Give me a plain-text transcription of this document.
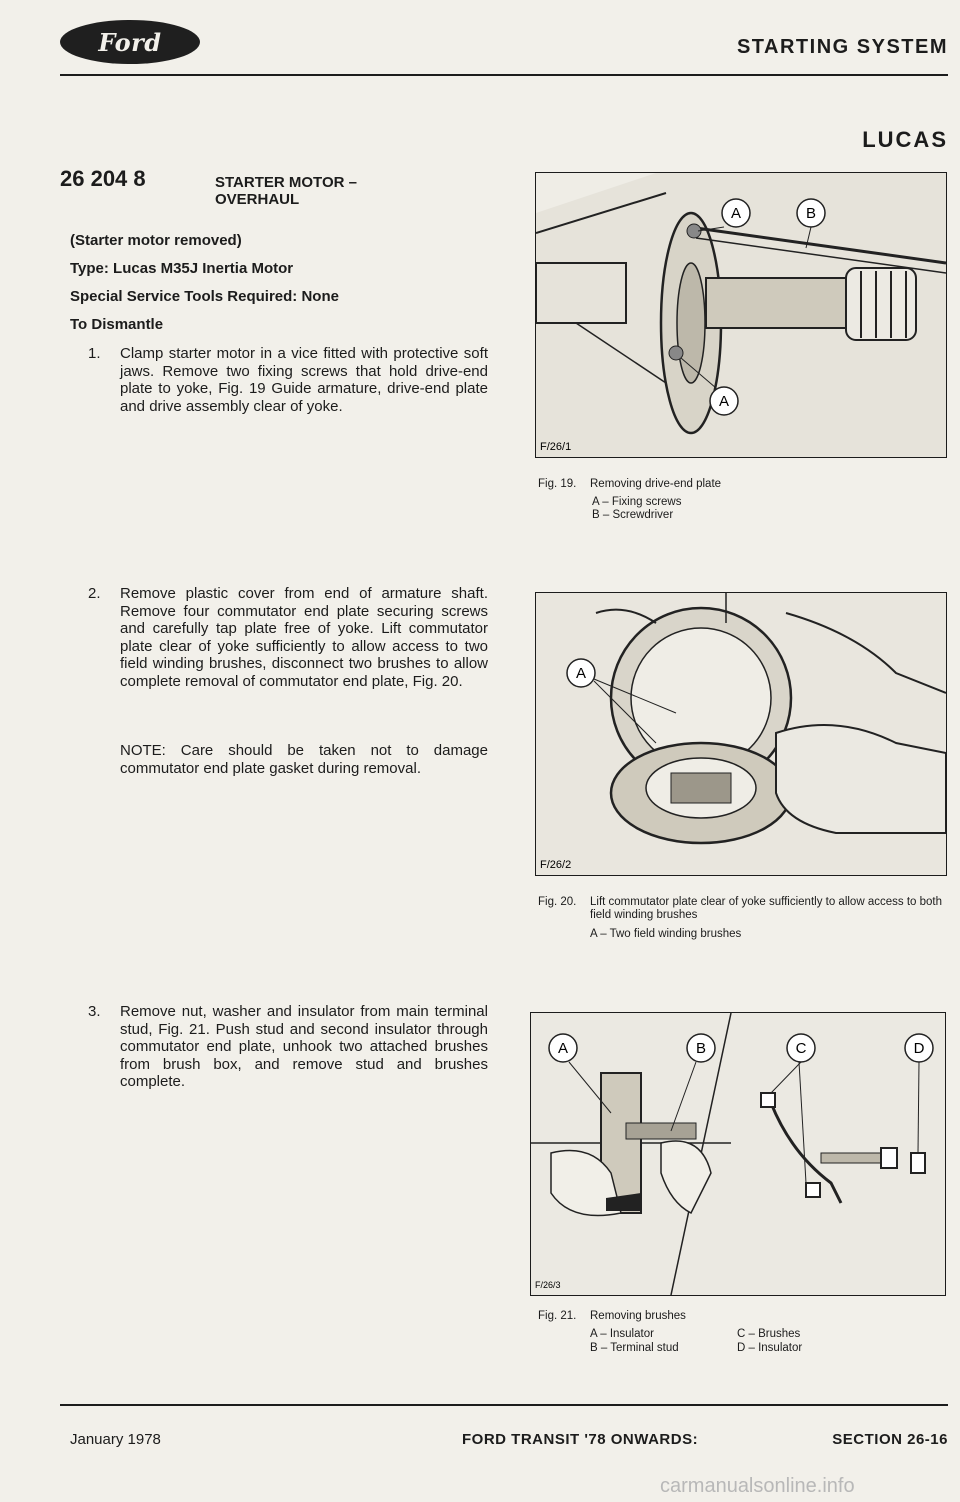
Ford	STARTING SYSTEM
LUCAS
26 204 8	STARTER MOTOR – OVERHAUL
(Starter motor removed)
Type: Lucas M35J Inertia Motor
Special Service Tools Required: None
To Dismantle
1. Clamp starter motor in a vice fitted with protective soft jaws. Remove two fixing screws that hold drive-end plate to yoke, Fig. 19 Guide armature, drive-end plate and drive assembly clear of yoke.
2. Remove plastic cover from end of armature shaft. Remove four commutator end plate securing screws and carefully tap plate free of yoke. Lift commutator plate clear of yoke sufficiently to allow access to two field winding brushes, disconnect two brushes to allow complete removal of commutator end plate, Fig. 20.
NOTE: Care should be taken not to damage commutator end plate gasket during removal.
3. Remove nut, washer and insulator from main terminal stud, Fig. 21. Push stud and second insulator through commutator end plate, unhook two attached brushes from brush box, and remove stud and brushes complete.
A	B
A
F/26/1
Fig. 19. Removing drive-end plate
A – Fixing screws
B – Screwdriver
A
F/26/2
Fig. 20. Lift commutator plate clear of yoke sufficiently to allow access to both field winding brushes
A – Two field winding brushes
A	B	C	D
F/26/3
Fig. 21. Removing brushes
A – Insulator
B – Terminal stud
C – Brushes
D – Insulator
January 1978	FORD TRANSIT '78 ONWARDS:	SECTION 26-16
carmanualsonline.info
